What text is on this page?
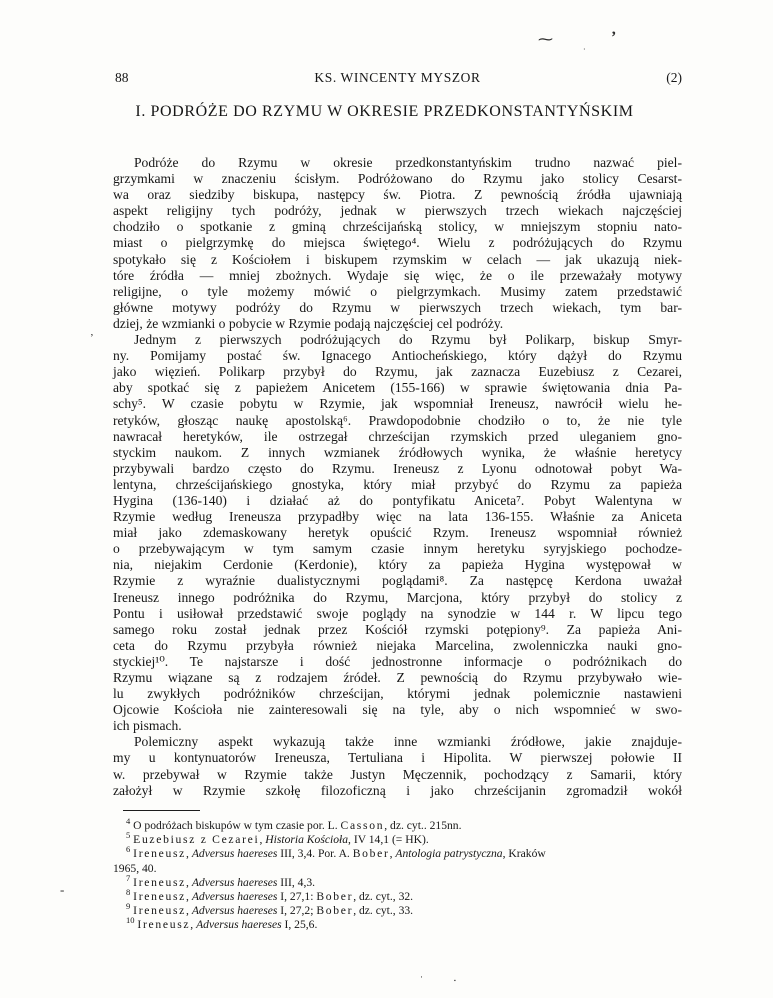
88	KS. WINCENTY MYSZOR	(2)
I. PODRÓŻE DO RZYMU W OKRESIE PRZEDKONSTANTYŃSKIM
Podróże do Rzymu w okresie przedkonstantyńskim trudno nazwać piel-
grzymkami w znaczeniu ścisłym. Podróżowano do Rzymu jako stolicy Cesarst-
wa oraz siedziby biskupa, następcy św. Piotra. Z pewnością źródła ujawniają
aspekt religijny tych podróży, jednak w pierwszych trzech wiekach najczęściej
chodziło o spotkanie z gminą chrześcijańską stolicy, w mniejszym stopniu nato-
miast o pielgrzymkę do miejsca świętego⁴. Wielu z podróżujących do Rzymu
spotykało się z Kościołem i biskupem rzymskim w celach — jak ukazują niek-
tóre źródła — mniej zbożnych. Wydaje się więc, że o ile przeważały motywy
religijne, o tyle możemy mówić o pielgrzymkach. Musimy zatem przedstawić
główne motywy podróży do Rzymu w pierwszych trzech wiekach, tym bar-
dziej, że wzmianki o pobycie w Rzymie podają najczęściej cel podróży.
Jednym z pierwszych podróżujących do Rzymu był Polikarp, biskup Smyr-
ny. Pomijamy postać św. Ignacego Antiocheńskiego, który dążył do Rzymu
jako więzień. Polikarp przybył do Rzymu, jak zaznacza Euzebiusz z Cezarei,
aby spotkać się z papieżem Anicetem (155-166) w sprawie świętowania dnia Pa-
schy⁵. W czasie pobytu w Rzymie, jak wspomniał Ireneusz, nawrócił wielu he-
retyków, głosząc naukę apostolską⁶. Prawdopodobnie chodziło o to, że nie tyle
nawracał heretyków, ile ostrzegał chrześcijan rzymskich przed uleganiem gno-
styckim naukom. Z innych wzmianek źródłowych wynika, że właśnie heretycy
przybywali bardzo często do Rzymu. Ireneusz z Lyonu odnotował pobyt Wa-
lentyna, chrześcijańskiego gnostyka, który miał przybyć do Rzymu za papieża
Hygina (136-140) i działać aż do pontyfikatu Aniceta⁷. Pobyt Walentyna w
Rzymie według Ireneusza przypadłby więc na lata 136-155. Właśnie za Aniceta
miał jako zdemaskowany heretyk opuścić Rzym. Ireneusz wspomniał również
o przebywającym w tym samym czasie innym heretyku syryjskiego pochodze-
nia, niejakim Cerdonie (Kerdonie), który za papieża Hygina występował w
Rzymie z wyraźnie dualistycznymi poglądami⁸. Za następcę Kerdona uważał
Ireneusz innego podróżnika do Rzymu, Marcjona, który przybył do stolicy z
Pontu i usiłował przedstawić swoje poglądy na synodzie w 144 r. W lipcu tego
samego roku został jednak przez Kościół rzymski potępiony⁹. Za papieża Ani-
ceta do Rzymu przybyła również niejaka Marcelina, zwolenniczka nauki gno-
styckiej¹⁰. Te najstarsze i dość jednostronne informacje o podróżnikach do
Rzymu wiązane są z rodzajem źródeł. Z pewnością do Rzymu przybywało wie-
lu zwykłych podróżników chrześcijan, którymi jednak polemicznie nastawieni
Ojcowie Kościoła nie zainteresowali się na tyle, aby o nich wspomnieć w swo-
ich pismach.
Polemiczny aspekt wykazują także inne wzmianki źródłowe, jakie znajduje-
my u kontynuatorów Ireneusza, Tertuliana i Hipolita. W pierwszej połowie II
w. przebywał w Rzymie także Justyn Męczennik, pochodzący z Samarii, który
założył w Rzymie szkołę filozoficzną i jako chrześcijanin zgromadził wokół
$^4$ O podróżach biskupów w tym czasie por. L. Casson, dz. cyt.. 215nn.
$^5$ Euzebiusz z Cezarei, Historia Kościoła, IV 14,1 (= HK).
$^6$ Ireneusz, Adversus haereses III, 3,4. Por. A. Bober, Antologia patrystyczna, Kraków
1965, 40.
$^7$ Ireneusz, Adversus haereses III, 4,3.
$^8$ Ireneusz, Adversus haereses I, 27,1: Bober, dz. cyt., 32.
$^9$ Ireneusz, Adversus haereses I, 27,2; Bober, dz. cyt., 33.
$^{10}$ Ireneusz, Adversus haereses I, 25,6.
⁓	’
·
’
-
·	▪
